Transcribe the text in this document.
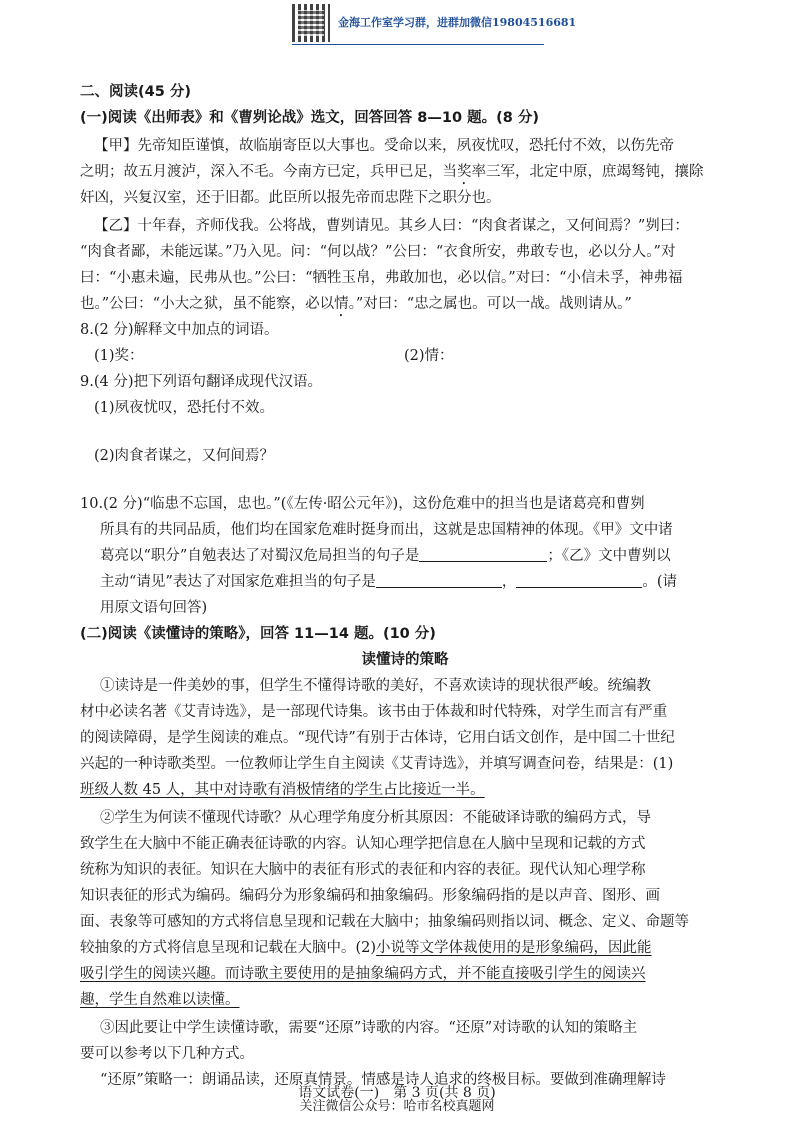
金海工作室学习群，进群加微信19804516681
二、阅读(45 分)
(一)阅读《出师表》和《曹刿论战》选文，回答回答 8—10 题。(8 分)
【甲】先帝知臣谨慎，故临崩寄臣以大事也。受命以来，夙夜忧叹，恐托付不效，以伤先帝
之明；故五月渡泸，深入不毛。今南方已定，兵甲已足，当奖率三军，北定中原，庶竭驽钝，攘除
奸凶，兴复汉室，还于旧都。此臣所以报先帝而忠陛下之职分也。
【乙】十年春，齐师伐我。公将战，曹刿请见。其乡人曰：“肉食者谋之，又何间焉？”刿曰：
“肉食者鄙，未能远谋。”乃入见。问：“何以战？”公曰：“衣食所安，弗敢专也，必以分人。”对
曰：“小惠未遍，民弗从也。”公曰：“牺牲玉帛，弗敢加也，必以信。”对曰：“小信未孚，神弗福
也。”公曰：“小大之狱，虽不能察，必以情。”对曰：“忠之属也。可以一战。战则请从。”
8.(2 分)解释文中加点的词语。
(1)奖：	(2)情：
9.(4 分)把下列语句翻译成现代汉语。
(1)夙夜忧叹，恐托付不效。
(2)肉食者谋之，又何间焉？
10.(2 分)“临患不忘国，忠也。”(《左传·昭公元年》)，这份危难中的担当也是诸葛亮和曹刿
所具有的共同品质，他们均在国家危难时挺身而出，这就是忠国精神的体现。《甲》文中诸
葛亮以“职分”自勉表达了对蜀汉危局担当的句子是	；《乙》文中曹刿以
主动“请见”表达了对国家危难担当的句子是	，	。(请
用原文语句回答)
(二)阅读《读懂诗的策略》，回答 11—14 题。(10 分)
读懂诗的策略
①读诗是一件美妙的事，但学生不懂得诗歌的美好，不喜欢读诗的现状很严峻。统编教
材中必读名著《艾青诗选》，是一部现代诗集。该书由于体裁和时代特殊，对学生而言有严重
的阅读障碍，是学生阅读的难点。“现代诗”有别于古体诗，它用白话文创作，是中国二十世纪
兴起的一种诗歌类型。一位教师让学生自主阅读《艾青诗选》，并填写调查问卷，结果是：(1)
班级人数 45 人，其中对诗歌有消极情绪的学生占比接近一半。
②学生为何读不懂现代诗歌？从心理学角度分析其原因：不能破译诗歌的编码方式，导
致学生在大脑中不能正确表征诗歌的内容。认知心理学把信息在人脑中呈现和记载的方式
统称为知识的表征。知识在大脑中的表征有形式的表征和内容的表征。现代认知心理学称
知识表征的形式为编码。编码分为形象编码和抽象编码。形象编码指的是以声音、图形、画
面、表象等可感知的方式将信息呈现和记载在大脑中；抽象编码则指以词、概念、定义、命题等
较抽象的方式将信息呈现和记载在大脑中。(2)小说等文学体裁使用的是形象编码，因此能
吸引学生的阅读兴趣。而诗歌主要使用的是抽象编码方式，并不能直接吸引学生的阅读兴
趣，学生自然难以读懂。
③因此要让中学生读懂诗歌，需要“还原”诗歌的内容。“还原”对诗歌的认知的策略主
要可以参考以下几种方式。
“还原”策略一：朗诵品读，还原真情景。情感是诗人追求的终极目标。要做到准确理解诗
语文试卷(一)　第 3 页(共 8 页)
关注微信公众号：哈市名校真题网
